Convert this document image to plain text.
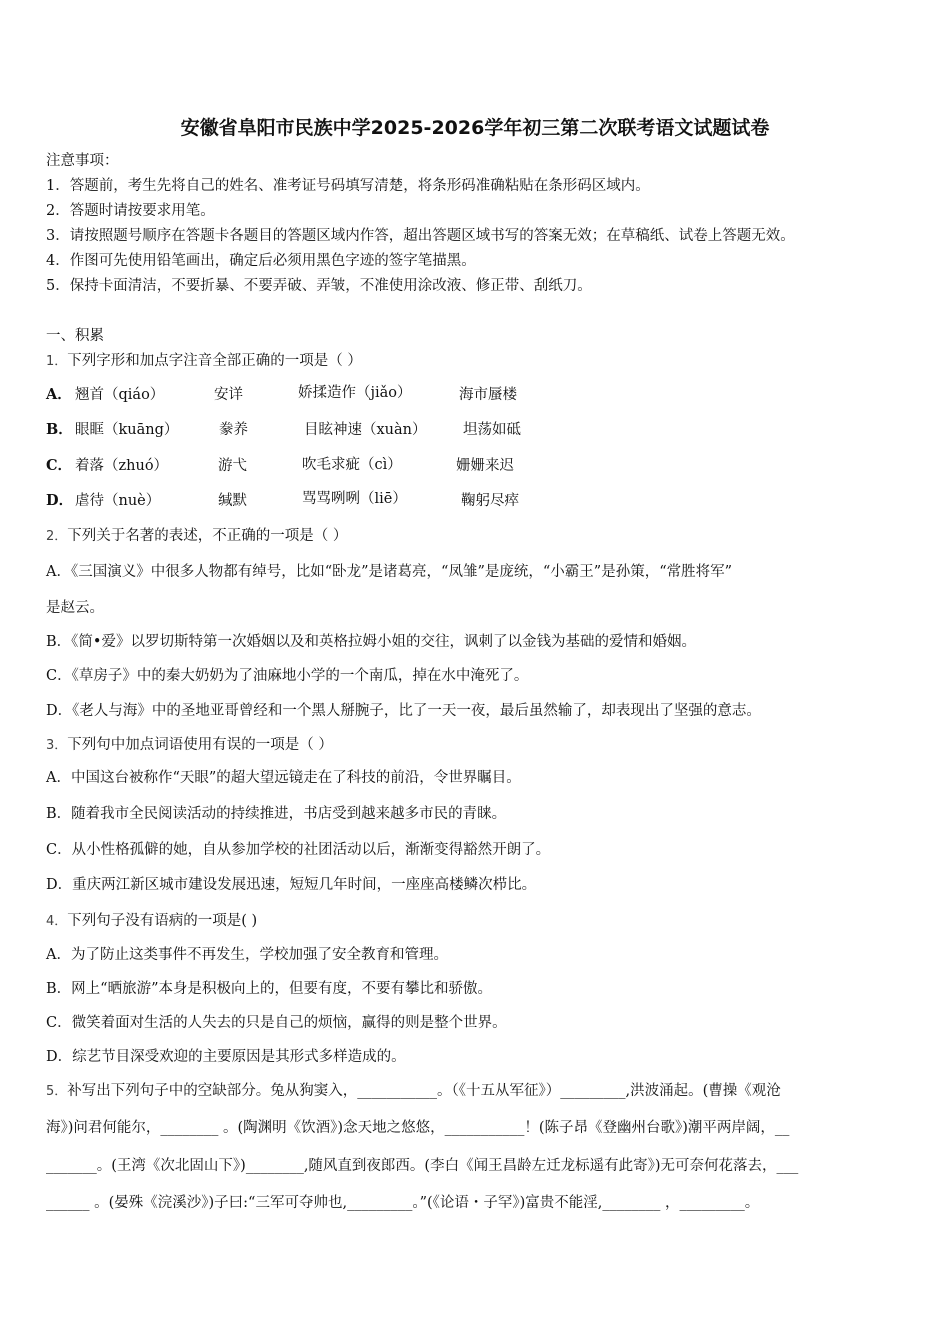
安徽省阜阳市民族中学2025-2026学年初三第二次联考语文试题试卷
注意事项：
1．答题前，考生先将自己的姓名、准考证号码填写清楚，将条形码准确粘贴在条形码区域内。
2．答题时请按要求用笔。
3．请按照题号顺序在答题卡各题目的答题区域内作答，超出答题区域书写的答案无效；在草稿纸、试卷上答题无效。
4．作图可先使用铅笔画出，确定后必须用黑色字迹的签字笔描黑。
5．保持卡面清洁，不要折暴、不要弄破、弄皱，不准使用涂改液、修正带、刮纸刀。
一、积累
1．下列字形和加点字注音全部正确的一项是（ ）
A． 翘首（qiáo）	安详	娇揉造作（jiǎo）	海市蜃楼
B． 眼眶（kuāng）	豢养	目眩神速（xuàn）	坦荡如砥
C． 着落（zhuó）	游弋	吹毛求疵（cì）	姗姗来迟
D． 虐待（nuè）	缄默	骂骂咧咧（liē）	鞠躬尽瘁
2．下列关于名著的表述，不正确的一项是（ ）
A．《三国演义》中很多人物都有绰号，比如“卧龙”是诸葛亮，“凤雏”是庞统，“小霸王”是孙策，“常胜将军”
是赵云。
B．《简•爱》以罗切斯特第一次婚姻以及和英格拉姆小姐的交往，讽刺了以金钱为基础的爱情和婚姻。
C．《草房子》中的秦大奶奶为了油麻地小学的一个南瓜，掉在水中淹死了。
D．《老人与海》中的圣地亚哥曾经和一个黑人掰腕子，比了一天一夜，最后虽然输了，却表现出了坚强的意志。
3．下列句中加点词语使用有误的一项是（ ）
A．中国这台被称作“天眼”的超大望远镜走在了科技的前沿，令世界瞩目。
B．随着我市全民阅读活动的持续推进，书店受到越来越多市民的青睐。
C．从小性格孤僻的她，自从参加学校的社团活动以后，渐渐变得豁然开朗了。
D．重庆两江新区城市建设发展迅速，短短几年时间，一座座高楼鳞次栉比。
4．下列句子没有语病的一项是( )
A．为了防止这类事件不再发生，学校加强了安全教育和管理。
B．网上“晒旅游”本身是积极向上的，但要有度，不要有攀比和骄傲。
C．微笑着面对生活的人失去的只是自己的烦恼，赢得的则是整个世界。
D．综艺节目深受欢迎的主要原因是其形式多样造成的。
5．补写出下列句子中的空缺部分。兔从狗窦入，___________。（《十五从军征》）_________,洪波涌起。(曹操《观沧
海》)问君何能尔，________ 。(陶渊明《饮酒》)念天地之悠悠，___________！(陈子昂《登幽州台歌》)潮平两岸阔，__
_______。(王湾《次北固山下》)________,随风直到夜郎西。(李白《闻王昌龄左迁龙标遥有此寄》)无可奈何花落去，___
______ 。(晏殊《浣溪沙》)子曰:“三军可夺帅也,_________。”(《论语・子罕》)富贵不能淫,________ ，_________。
